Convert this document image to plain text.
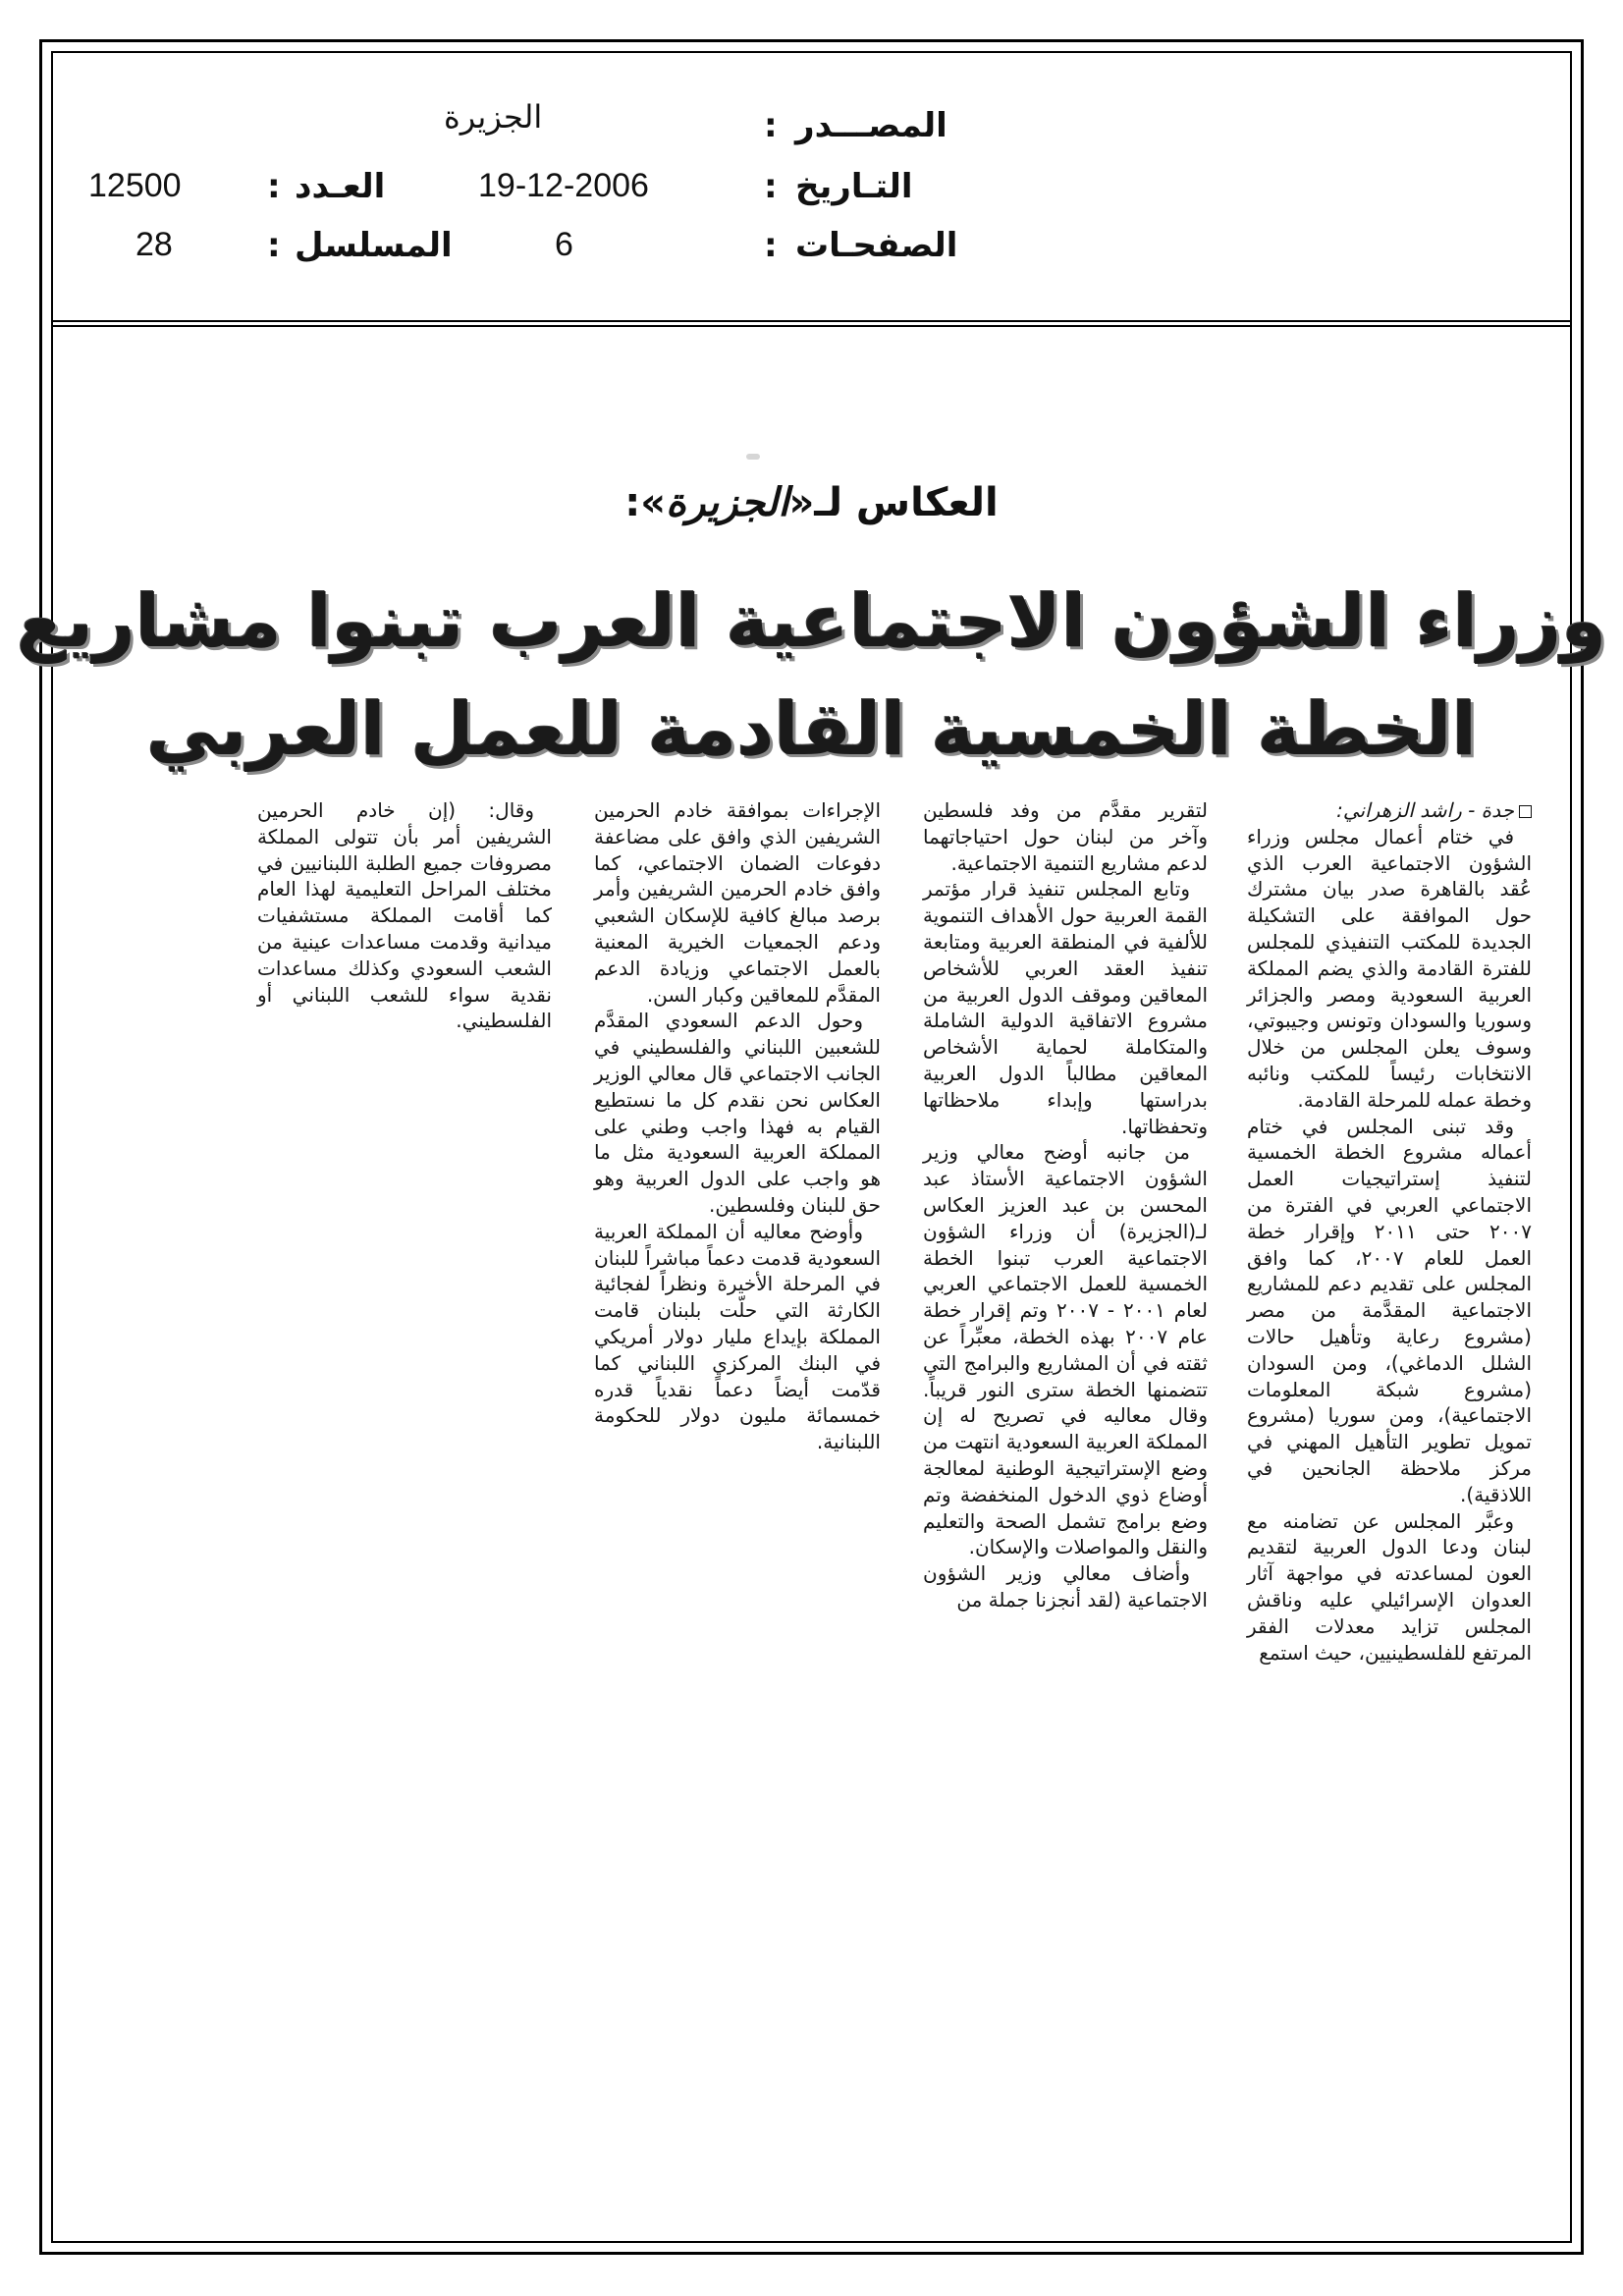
المصـــدر
:
الجزيرة
التـاريخ
:
19-12-2006
العـدد
:
12500
الصفحـات
:
6
المسلسل
:
28
العكاس لـ«الجزيرة»:
وزراء الشؤون الاجتماعية العرب تبنوا مشاريع
الخطة الخمسية القادمة للعمل العربي

جدة - راشد الزهراني:

في ختام أعمال مجلس وزراء الشؤون الاجتماعية العرب الذي عُقد بالقاهرة صدر بيان مشترك حول الموافقة على التشكيلة الجديدة للمكتب التنفيذي للمجلس للفترة القادمة والذي يضم المملكة العربية السعودية ومصر والجزائر وسوريا والسودان وتونس وجيبوتي، وسوف يعلن المجلس من خلال الانتخابات رئيساً للمكتب ونائبه وخطة عمله للمرحلة القادمة.

وقد تبنى المجلس في ختام أعماله مشروع الخطة الخمسية لتنفيذ إستراتيجيات العمل الاجتماعي العربي في الفترة من ٢٠٠٧ حتى ٢٠١١ وإقرار خطة العمل للعام ٢٠٠٧، كما وافق المجلس على تقديم دعم للمشاريع الاجتماعية المقدَّمة من مصر (مشروع رعاية وتأهيل حالات الشلل الدماغي)، ومن السودان (مشروع شبكة المعلومات الاجتماعية)، ومن سوريا (مشروع تمويل تطوير التأهيل المهني في مركز ملاحظة الجانحين في اللاذقية).

وعبَّر المجلس عن تضامنه مع لبنان ودعا الدول العربية لتقديم العون لمساعدته في مواجهة آثار العدوان الإسرائيلي عليه وناقش المجلس تزايد معدلات الفقر المرتفع للفلسطينيين، حيث استمع

لتقرير مقدَّم من وفد فلسطين وآخر من لبنان حول احتياجاتهما لدعم مشاريع التنمية الاجتماعية.

وتابع المجلس تنفيذ قرار مؤتمر القمة العربية حول الأهداف التنموية للألفية في المنطقة العربية ومتابعة تنفيذ العقد العربي للأشخاص المعاقين وموقف الدول العربية من مشروع الاتفاقية الدولية الشاملة والمتكاملة لحماية الأشخاص المعاقين مطالباً الدول العربية بدراستها وإبداء ملاحظاتها وتحفظاتها.

من جانبه أوضح معالي وزير الشؤون الاجتماعية الأستاذ عبد المحسن بن عبد العزيز العكاس لـ(الجزيرة) أن وزراء الشؤون الاجتماعية العرب تبنوا الخطة الخمسية للعمل الاجتماعي العربي لعام ٢٠٠١ - ٢٠٠٧ وتم إقرار خطة عام ٢٠٠٧ بهذه الخطة، معبِّراً عن ثقته في أن المشاريع والبرامج التي تتضمنها الخطة سترى النور قريباً. وقال معاليه في تصريح له إن المملكة العربية السعودية انتهت من وضع الإستراتيجية الوطنية لمعالجة أوضاع ذوي الدخول المنخفضة وتم وضع برامج تشمل الصحة والتعليم والنقل والمواصلات والإسكان.

وأضاف معالي وزير الشؤون الاجتماعية (لقد أنجزنا جملة من

الإجراءات بموافقة خادم الحرمين الشريفين الذي وافق على مضاعفة دفوعات الضمان الاجتماعي، كما وافق خادم الحرمين الشريفين وأمر برصد مبالغ كافية للإسكان الشعبي ودعم الجمعيات الخيرية المعنية بالعمل الاجتماعي وزيادة الدعم المقدَّم للمعاقين وكبار السن.

وحول الدعم السعودي المقدَّم للشعبين اللبناني والفلسطيني في الجانب الاجتماعي قال معالي الوزير العكاس نحن نقدم كل ما نستطيع القيام به فهذا واجب وطني على المملكة العربية السعودية مثل ما هو واجب على الدول العربية وهو حق للبنان وفلسطين.

وأوضح معاليه أن المملكة العربية السعودية قدمت دعماً مباشراً للبنان في المرحلة الأخيرة ونظراً لفجائية الكارثة التي حلّت بلبنان قامت المملكة بإيداع مليار دولار أمريكي في البنك المركزي اللبناني كما قدّمت أيضاً دعماً نقدياً قدره خمسمائة مليون دولار للحكومة اللبنانية.

وقال: (إن خادم الحرمين الشريفين أمر بأن تتولى المملكة مصروفات جميع الطلبة اللبنانيين في مختلف المراحل التعليمية لهذا العام كما أقامت المملكة مستشفيات ميدانية وقدمت مساعدات عينية من الشعب السعودي وكذلك مساعدات نقدية سواء للشعب اللبناني أو الفلسطيني.
